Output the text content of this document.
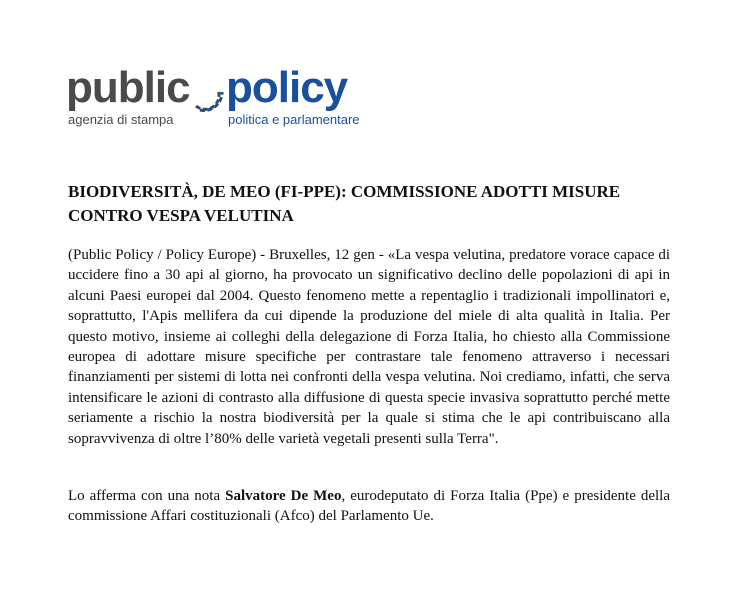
public policy
agenzia di stampa	politica e parlamentare
BIODIVERSITÀ, DE MEO (FI-PPE): COMMISSIONE ADOTTI MISURE
CONTRO VESPA VELUTINA

(Public Policy / Policy Europe) - Bruxelles, 12 gen - «La vespa velutina, predatore vorace capace di uccidere fino a 30 api al giorno, ha provocato un significativo declino delle popolazioni di api in alcuni Paesi europei dal 2004. Questo fenomeno mette a repentaglio i tradizionali impollinatori e, soprattutto, l'Apis mellifera da cui dipende la produzione del miele di alta qualità in Italia. Per questo motivo, insieme ai colleghi della delegazione di Forza Italia, ho chiesto alla Commissione europea di adottare misure specifiche per contrastare tale fenomeno attraverso i necessari finanziamenti per sistemi di lotta nei confronti della vespa velutina. Noi crediamo, infatti, che serva intensificare le azioni di contrasto alla diffusione di questa specie invasiva soprattutto perché mette seriamente a rischio la nostra biodiversità per la quale si stima che le api contribuiscano alla sopravvivenza di oltre l’80% delle varietà vegetali presenti sulla Terra".

Lo afferma con una nota Salvatore De Meo, eurodeputato di Forza Italia (Ppe) e presidente della commissione Affari costituzionali (Afco) del Parlamento Ue.
